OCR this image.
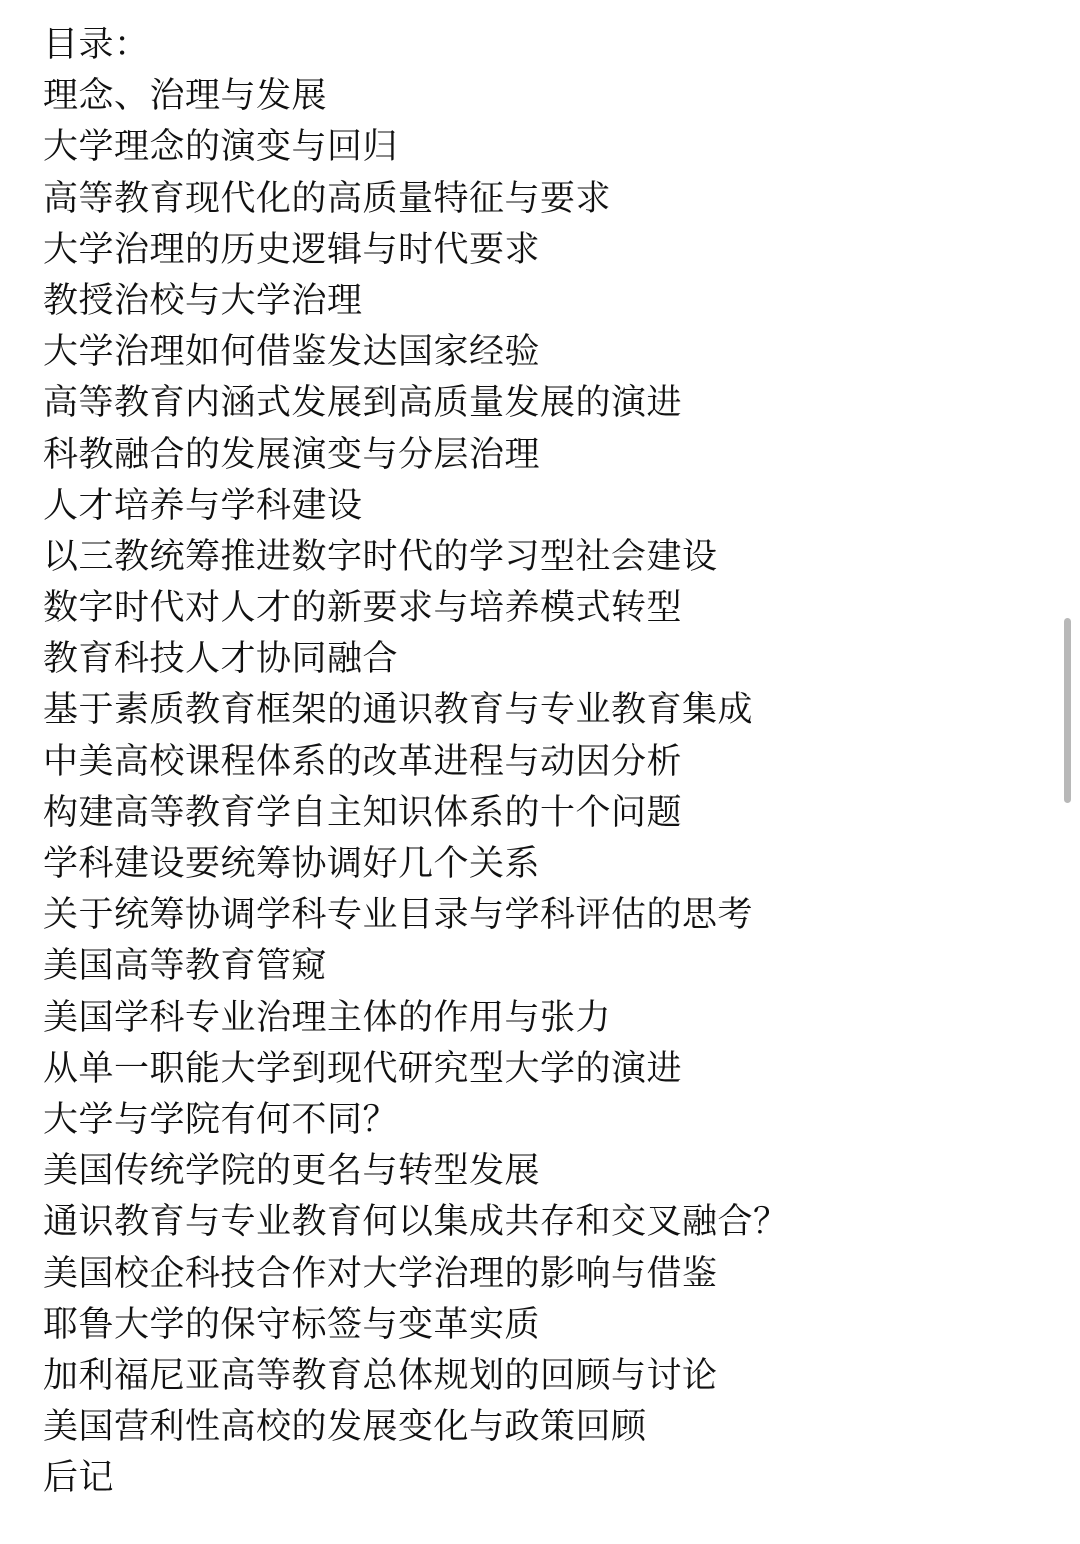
目录：
理念、治理与发展
大学理念的演变与回归
高等教育现代化的高质量特征与要求
大学治理的历史逻辑与时代要求
教授治校与大学治理
大学治理如何借鉴发达国家经验
高等教育内涵式发展到高质量发展的演进
科教融合的发展演变与分层治理
人才培养与学科建设
以三教统筹推进数字时代的学习型社会建设
数字时代对人才的新要求与培养模式转型
教育科技人才协同融合
基于素质教育框架的通识教育与专业教育集成
中美高校课程体系的改革进程与动因分析
构建高等教育学自主知识体系的十个问题
学科建设要统筹协调好几个关系
关于统筹协调学科专业目录与学科评估的思考
美国高等教育管窥
美国学科专业治理主体的作用与张力
从单一职能大学到现代研究型大学的演进
大学与学院有何不同？
美国传统学院的更名与转型发展
通识教育与专业教育何以集成共存和交叉融合？
美国校企科技合作对大学治理的影响与借鉴
耶鲁大学的保守标签与变革实质
加利福尼亚高等教育总体规划的回顾与讨论
美国营利性高校的发展变化与政策回顾
后记
